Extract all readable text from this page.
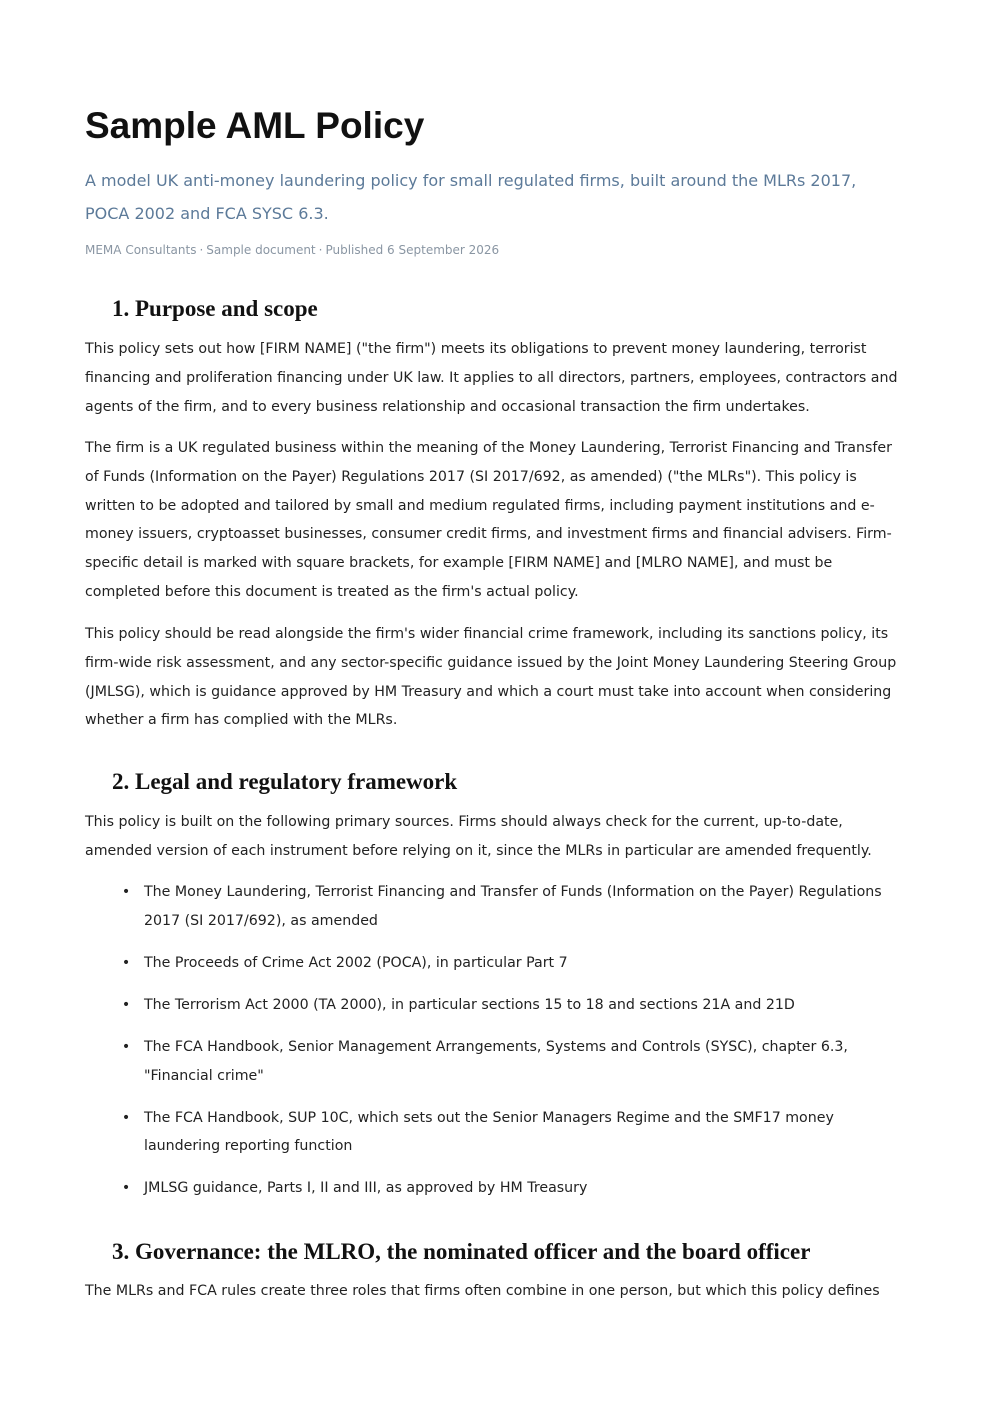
Sample AML Policy

A model UK anti-money laundering policy for small regulated firms, built around the MLRs 2017, POCA 2002 and FCA SYSC 6.3.

MEMA Consultants · Sample document · Published 6 September 2026

1. Purpose and scope

This policy sets out how [FIRM NAME] ("the firm") meets its obligations to prevent money laundering, terrorist financing and proliferation financing under UK law. It applies to all directors, partners, employees, contractors and agents of the firm, and to every business relationship and occasional transaction the firm undertakes.

The firm is a UK regulated business within the meaning of the Money Laundering, Terrorist Financing and Transfer of Funds (Information on the Payer) Regulations 2017 (SI 2017/692, as amended) ("the MLRs"). This policy is written to be adopted and tailored by small and medium regulated firms, including payment institutions and e-money issuers, cryptoasset businesses, consumer credit firms, and investment firms and financial advisers. Firm-specific detail is marked with square brackets, for example [FIRM NAME] and [MLRO NAME], and must be completed before this document is treated as the firm's actual policy.

This policy should be read alongside the firm's wider financial crime framework, including its sanctions policy, its firm-wide risk assessment, and any sector-specific guidance issued by the Joint Money Laundering Steering Group (JMLSG), which is guidance approved by HM Treasury and which a court must take into account when considering whether a firm has complied with the MLRs.

2. Legal and regulatory framework

This policy is built on the following primary sources. Firms should always check for the current, up-to-date, amended version of each instrument before relying on it, since the MLRs in particular are amended frequently.

• The Money Laundering, Terrorist Financing and Transfer of Funds (Information on the Payer) Regulations 2017 (SI 2017/692), as amended
• The Proceeds of Crime Act 2002 (POCA), in particular Part 7
• The Terrorism Act 2000 (TA 2000), in particular sections 15 to 18 and sections 21A and 21D
• The FCA Handbook, Senior Management Arrangements, Systems and Controls (SYSC), chapter 6.3, "Financial crime"
• The FCA Handbook, SUP 10C, which sets out the Senior Managers Regime and the SMF17 money laundering reporting function
• JMLSG guidance, Parts I, II and III, as approved by HM Treasury
3. Governance: the MLRO, the nominated officer and the board officer

The MLRs and FCA rules create three roles that firms often combine in one person, but which this policy defines
